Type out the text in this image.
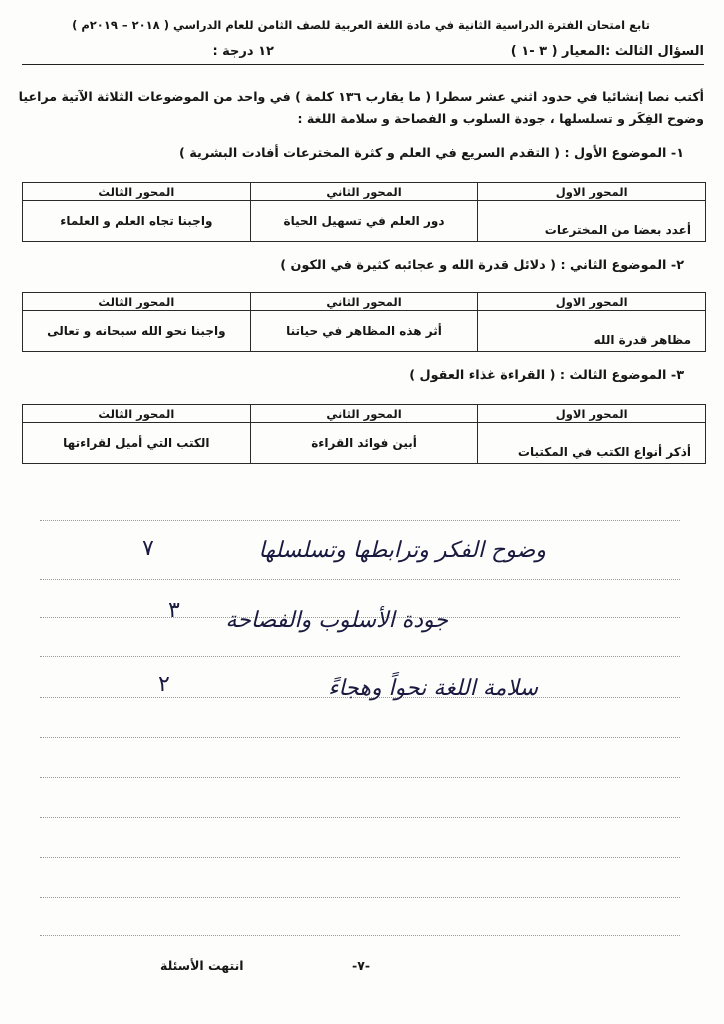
تابع امتحان الفترة الدراسية الثانية في مادة اللغة العربية للصف الثامن للعام الدراسي ( ٢٠١٨ – ٢٠١٩م )
السؤال الثالث :المعيار ( ٣ -١ )
١٢ درجة :
أكتب نصا إنشائيا في حدود اثني عشر سطرا ( ما يقارب ١٣٦ كلمة ) في واحد من الموضوعات الثلاثة الآتية مراعيا وضوح الفِكَر و تسلسلها ، جودة السلوب و الفصاحة و سلامة اللغة :
١- الموضوع الأول : ( التقدم السريع في العلم و كثرة المخترعات أفادت البشرية )
المحور الاول	المحور الثاني	المحور الثالث
أعدد بعضا من المخترعات	دور العلم في تسهيل الحياة	واجبنا تجاه العلم و العلماء
٢- الموضوع الثاني : ( دلائل قدرة الله و عجائبه كثيرة في الكون )
المحور الاول	المحور الثاني	المحور الثالث
مظاهر قدرة الله	أثر هذه المظاهر في حياتنا	واجبنا نحو الله سبحانه و تعالى
٣- الموضوع الثالث : ( القراءة غذاء العقول )
المحور الاول	المحور الثاني	المحور الثالث
أذكر أنواع الكتب في المكتبات	أبين فوائد القراءة	الكتب التي أميل لقراءتها
وضوح الفكر وترابطها وتسلسلها
٧
جودة الأسلوب والفصاحة
٣
سلامة اللغة نحواً وهجاءً
٢
انتهت الأسئلة	-٧-
